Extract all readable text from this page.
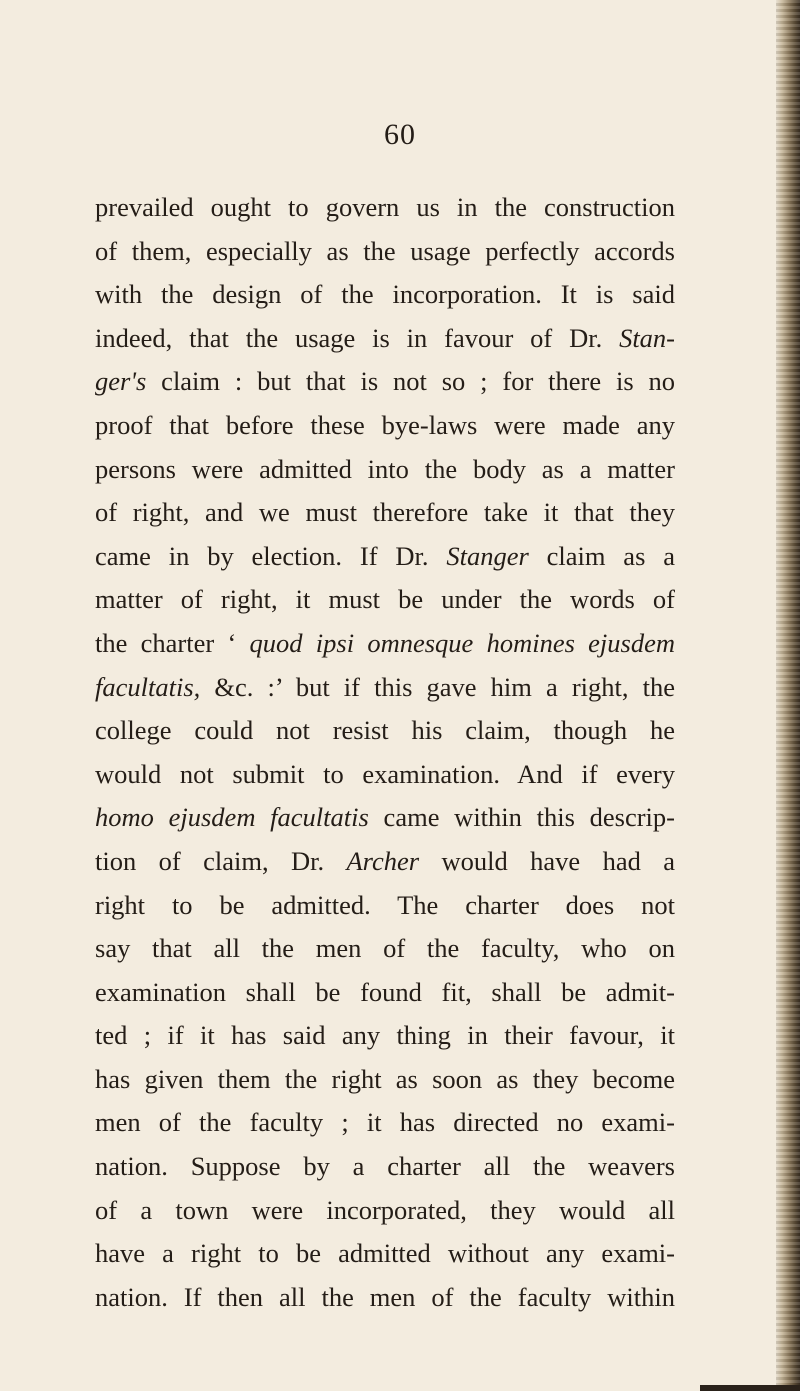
60
prevailed ought to govern us in the construction
of them, especially as the usage perfectly accords
with the design of the incorporation. It is said
indeed, that the usage is in favour of Dr. Stan-
ger's claim : but that is not so ; for there is no
proof that before these bye-laws were made any
persons were admitted into the body as a matter
of right, and we must therefore take it that they
came in by election. If Dr. Stanger claim as a
matter of right, it must be under the words of
the charter ‘ quod ipsi omnesque homines ejusdem
facultatis, &c. :’ but if this gave him a right, the
college could not resist his claim, though he
would not submit to examination. And if every
homo ejusdem facultatis came within this descrip-
tion of claim, Dr. Archer would have had a
right to be admitted. The charter does not
say that all the men of the faculty, who on
examination shall be found fit, shall be admit-
ted ; if it has said any thing in their favour, it
has given them the right as soon as they become
men of the faculty ; it has directed no exami-
nation. Suppose by a charter all the weavers
of a town were incorporated, they would all
have a right to be admitted without any exami-
nation. If then all the men of the faculty within
